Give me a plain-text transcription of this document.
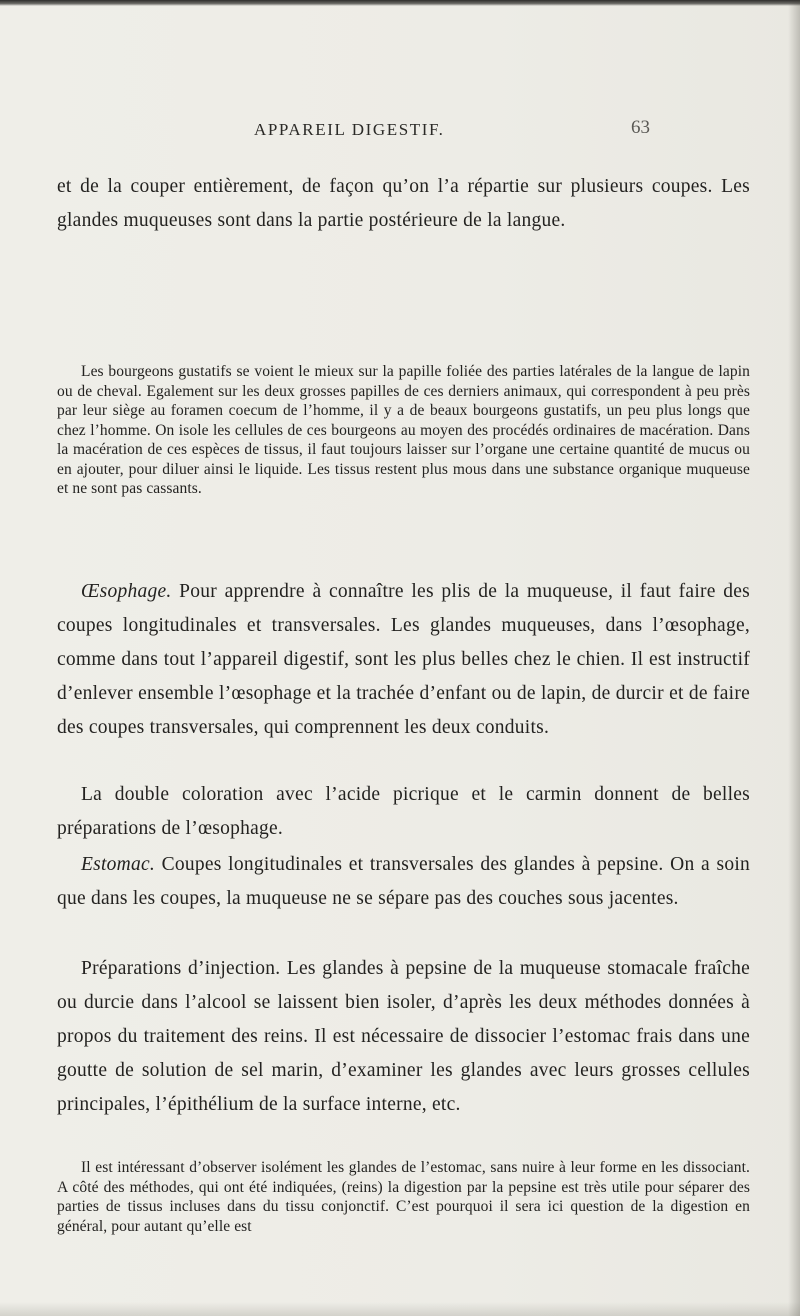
APPAREIL DIGESTIF.	63

et de la couper entièrement, de façon qu’on l’a répartie sur plusieurs coupes. Les glandes muqueuses sont dans la partie postérieure de la langue.

Les bourgeons gustatifs se voient le mieux sur la papille foliée des parties latérales de la langue de lapin ou de cheval. Egalement sur les deux grosses papilles de ces derniers animaux, qui correspondent à peu près par leur siège au foramen coecum de l’homme, il y a de beaux bourgeons gustatifs, un peu plus longs que chez l’homme. On isole les cellules de ces bourgeons au moyen des procédés ordinaires de macération. Dans la macération de ces espèces de tissus, il faut toujours laisser sur l’organe une certaine quantité de mucus ou en ajouter, pour diluer ainsi le liquide. Les tissus restent plus mous dans une substance organique muqueuse et ne sont pas cassants.

Œsophage. Pour apprendre à connaître les plis de la muqueuse, il faut faire des coupes longitudinales et transversales. Les glandes muqueuses, dans l’œsophage, comme dans tout l’appareil digestif, sont les plus belles chez le chien. Il est instructif d’enlever ensemble l’œsophage et la trachée d’enfant ou de lapin, de durcir et de faire des coupes transversales, qui comprennent les deux conduits.

La double coloration avec l’acide picrique et le carmin donnent de belles préparations de l’œsophage.

Estomac. Coupes longitudinales et transversales des glandes à pepsine. On a soin que dans les coupes, la muqueuse ne se sépare pas des couches sous jacentes.

Préparations d’injection. Les glandes à pepsine de la muqueuse stomacale fraîche ou durcie dans l’alcool se laissent bien isoler, d’après les deux méthodes données à propos du traitement des reins. Il est nécessaire de dissocier l’estomac frais dans une goutte de solution de sel marin, d’examiner les glandes avec leurs grosses cellules principales, l’épithélium de la surface interne, etc.

Il est intéressant d’observer isolément les glandes de l’estomac, sans nuire à leur forme en les dissociant. A côté des méthodes, qui ont été indiquées, (reins) la digestion par la pepsine est très utile pour séparer des parties de tissus incluses dans du tissu conjonctif. C’est pourquoi il sera ici question de la digestion en général, pour autant qu’elle est
